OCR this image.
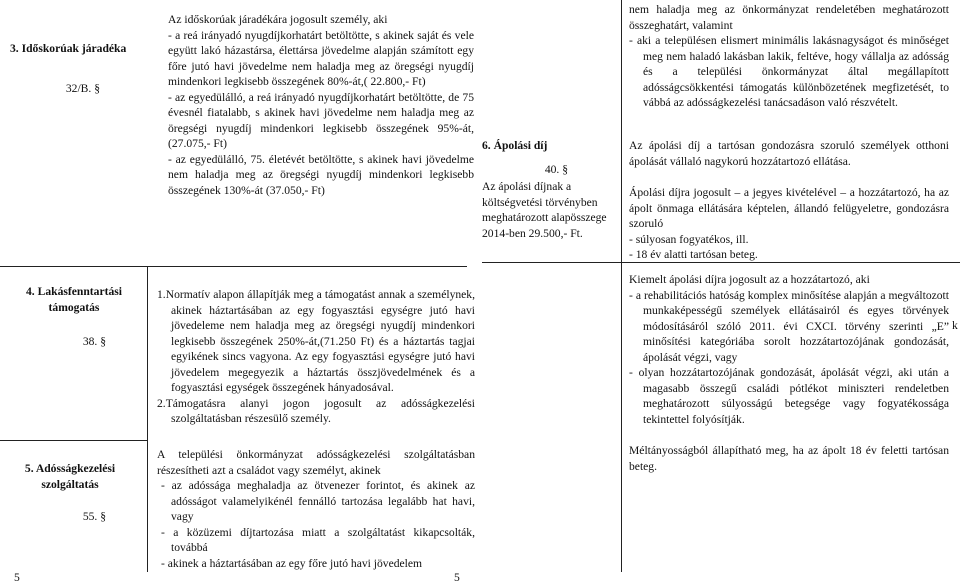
3. Időskorúak járadéka

32/B. §

Az időskorúak járadékára jogosult személy, aki

- a reá irányadó nyugdíjkorhatárt betöltötte, s akinek saját és vele együtt lakó házastársa, élettársa jövedelme alapján számított egy főre jutó havi jövedelme nem haladja meg az öregségi nyugdíj mindenkori legkisebb összegének 80%-át,( 22.800,- Ft)

- az egyedülálló, a reá irányadó nyugdíjkorhatárt betöltötte, de 75 évesnél fiatalabb, s akinek havi jövedelme nem haladja meg az öregségi nyugdíj mindenkori legkisebb összegének 95%-át, (27.075,- Ft)

- az egyedülálló, 75. életévét betöltötte, s akinek havi jövedelme nem haladja meg az öregségi nyugdíj mindenkori legkisebb összegének 130%-át (37.050,- Ft)

4. Lakásfenntartási támogatás

38. §

1.Normatív alapon állapítják meg a támogatást annak a személynek, akinek háztartásában az egy fogyasztási egységre jutó havi jövedeleme nem haladja meg az öregségi nyugdíj mindenkori legkisebb összegének 250%-át,(71.250 Ft) és a háztartás tagjai egyikének sincs vagyona. Az egy fogyasztási egységre jutó havi jövedelem megegyezik a háztartás összjövedelmének és a fogyasztási egységek összegének hányadosával.

2.Támogatásra alanyi jogon jogosult az adósságkezelési szolgáltatásban részesülő személy.

5. Adósságkezelési szolgáltatás

55. §

A települési önkormányzat adósságkezelési szolgáltatásban részesítheti azt a családot vagy személyt, akinek

- az adóssága meghaladja az ötvenezer forintot, és akinek az adósságot valamelyikénél fennálló tartozása legalább hat havi, vagy

- a közüzemi díjtartozása miatt a szolgáltatást kikapcsolták, továbbá

- akinek a háztartásában az egy főre jutó havi jövedelem

5	5

nem haladja meg az önkormányzat rendeletében meghatározott összeghatárt, valamint

- aki a településen elismert minimális lakásnagyságot és minőséget meg nem haladó lakásban lakik, feltéve, hogy vállalja az adósság és a települési önkormányzat által megállapított adósságcsökkentési támogatás különbözetének megfizetését, to vábbá az adósságkezelési tanácsadáson való részvételt.

6. Ápolási díj

40. §

Az ápolási díjnak a költségvetési törvényben meghatározott alapösszege 2014-ben 29.500,- Ft.

Az ápolási díj a tartósan gondozásra szoruló személyek otthoni ápolását vállaló nagykorú hozzátartozó ellátása.

Ápolási díjra jogosult – a jegyes kivételével – a hozzátartozó, ha az ápolt önmaga ellátására képtelen, állandó felügyeletre, gondozásra szoruló

- súlyosan fogyatékos, ill.

- 18 év alatti tartósan beteg.

Kiemelt ápolási díjra jogosult az a hozzátartozó, aki

- a rehabilitációs hatóság komplex minősítése alapján a megváltozott munkaképességű személyek ellátásairól és egyes törvények módosításáról szóló 2011. évi CXCI. törvény szerinti „E” minősítési kategóriába sorolt hozzátartozójának gondozását, ápolását végzi, vagy

- olyan hozzátartozójának gondozását, ápolását végzi, aki után a magasabb összegű családi pótlékot miniszteri rendeletben meghatározott súlyosságú betegsége vagy fogyatékossága tekintettel folyósítják.

Méltányosságból állapítható meg, ha az ápolt 18 év feletti tartósan beteg.

k
